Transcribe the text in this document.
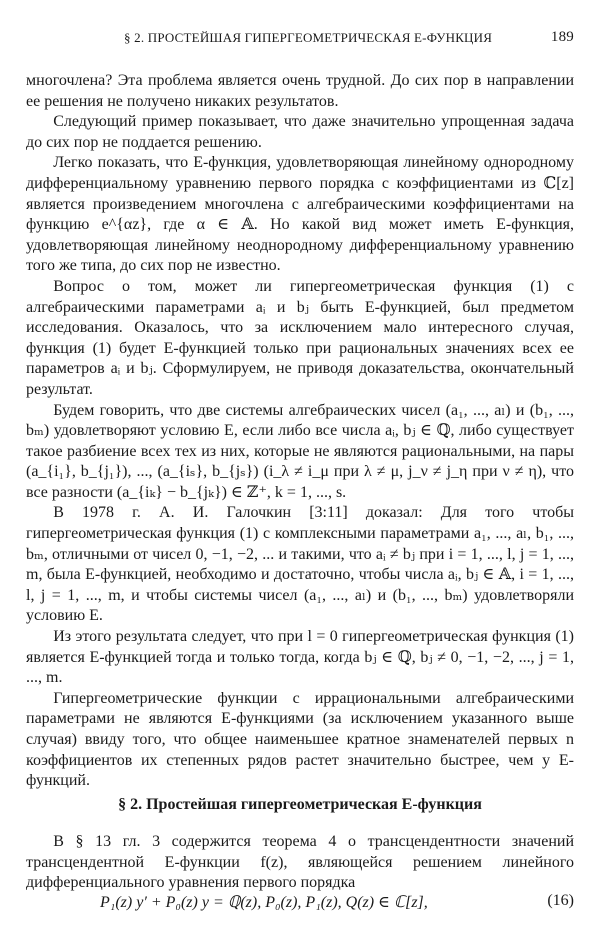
§ 2. ПРОСТЕЙШАЯ ГИПЕРГЕОМЕТРИЧЕСКАЯ E-ФУНКЦИЯ	189

многочлена? Эта проблема является очень трудной. До сих пор в направлении ее решения не получено никаких результатов.

Следующий пример показывает, что даже значительно упрощенная задача до сих пор не поддается решению.

Легко показать, что E-функция, удовлетворяющая линейному однородному дифференциальному уравнению первого порядка с коэффициентами из ℂ[z] является произведением многочлена с алгебраическими коэффициентами на функцию e^{αz}, где α ∈ 𝔸. Но какой вид может иметь E-функция, удовлетворяющая линейному неоднородному дифференциальному уравнению того же типа, до сих пор не известно.

Вопрос о том, может ли гипергеометрическая функция (1) с алгебраическими параметрами aᵢ и bⱼ быть E-функцией, был предметом исследования. Оказалось, что за исключением мало интересного случая, функция (1) будет E-функцией только при рациональных значениях всех ее параметров aᵢ и bⱼ. Сформулируем, не приводя доказательства, окончательный результат.

Будем говорить, что две системы алгебраических чисел (a₁, ..., aₗ) и (b₁, ..., bₘ) удовлетворяют условию E, если либо все числа aᵢ, bⱼ ∈ ℚ, либо существует такое разбиение всех тех из них, которые не являются рациональными, на пары (a_{i₁}, b_{j₁}), ..., (a_{iₛ}, b_{jₛ}) (i_λ ≠ i_μ при λ ≠ μ, j_ν ≠ j_η при ν ≠ η), что все разности (a_{iₖ} − b_{jₖ}) ∈ ℤ⁺, k = 1, ..., s.

В 1978 г. А. И. Галочкин [3:11] доказал: Для того чтобы гипергеометрическая функция (1) с комплексными параметрами a₁, ..., aₗ, b₁, ..., bₘ, отличными от чисел 0, −1, −2, ... и такими, что aᵢ ≠ bⱼ при i = 1, ..., l, j = 1, ..., m, была E-функцией, необходимо и достаточно, чтобы числа aᵢ, bⱼ ∈ 𝔸, i = 1, ..., l, j = 1, ..., m, и чтобы системы чисел (a₁, ..., aₗ) и (b₁, ..., bₘ) удовлетворяли условию E.

Из этого результата следует, что при l = 0 гипергеометрическая функция (1) является E-функцией тогда и только тогда, когда bⱼ ∈ ℚ, bⱼ ≠ 0, −1, −2, ..., j = 1, ..., m.

Гипергеометрические функции с иррациональными алгебраическими параметрами не являются E-функциями (за исключением указанного выше случая) ввиду того, что общее наименьшее кратное знаменателей первых n коэффициентов их степенных рядов растет значительно быстрее, чем у E-функций.

§ 2. Простейшая гипергеометрическая E-функция

В § 13 гл. 3 содержится теорема 4 о трансцендентности значений трансцендентной E-функции f(z), являющейся решением линейного дифференциального уравнения первого порядка

P₁(z) y′ + P₀(z) y = ℚ(z), P₀(z), P₁(z), Q(z) ∈ ℂ[z],	(16)
